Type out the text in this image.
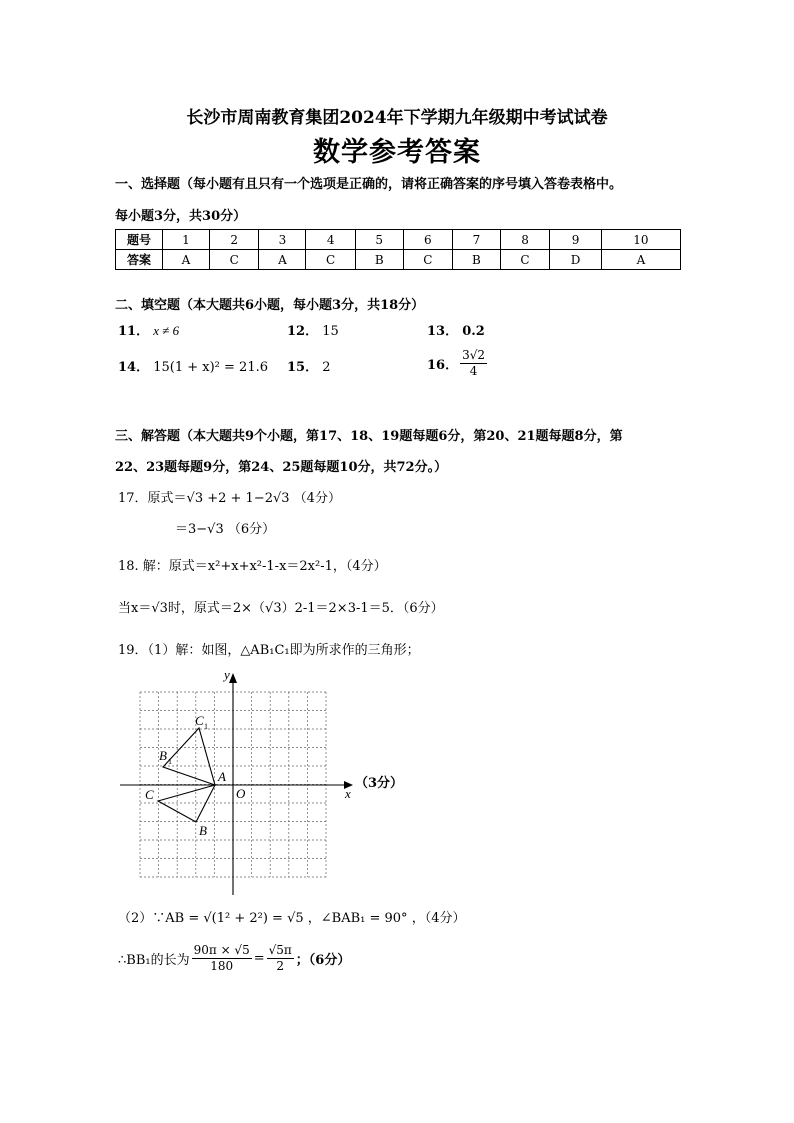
长沙市周南教育集团2024年下学期九年级期中考试试卷
数学参考答案
一、选择题（每小题有且只有一个选项是正确的，请将正确答案的序号填入答卷表格中。
每小题3分，共30分）
题号	1	2	3	4	5	6	7	8	9	10
答案	A	C	A	C	B	C	B	C	D	A
二、填空题（本大题共6小题，每小题3分，共18分）
11． x ≠ 6	12． 15	13． 0.2
14． 15(1 + x)² = 21.6 15． 2	16． $\frac{3√2}{4}$
三、解答题（本大题共9个小题，第17、18、19题每题6分，第20、21题每题8分，第
22、23题每题9分，第24、25题每题10分，共72分。）
17．原式＝√3 +2 + 1−2√3 （4分）
＝3−√3 （6分）
18. 解：原式＝x²+x+x²-1-x＝2x²-1，（4分）
当x＝√3时，原式＝2×（√3）2-1＝2×3-1＝5．（6分）
19．（1）解：如图，△AB₁C₁即为所求作的三角形；
y
x
O
A
B
C
B 1
C 1
（3分）
（2）∵AB = √(1² + 2²) = √5 ，∠BAB₁ = 90° ，（4分）
∴BB₁的长为 $\frac{90\pi \times √5}{180} = \frac{√5\pi}{2}$ ；（6分）
